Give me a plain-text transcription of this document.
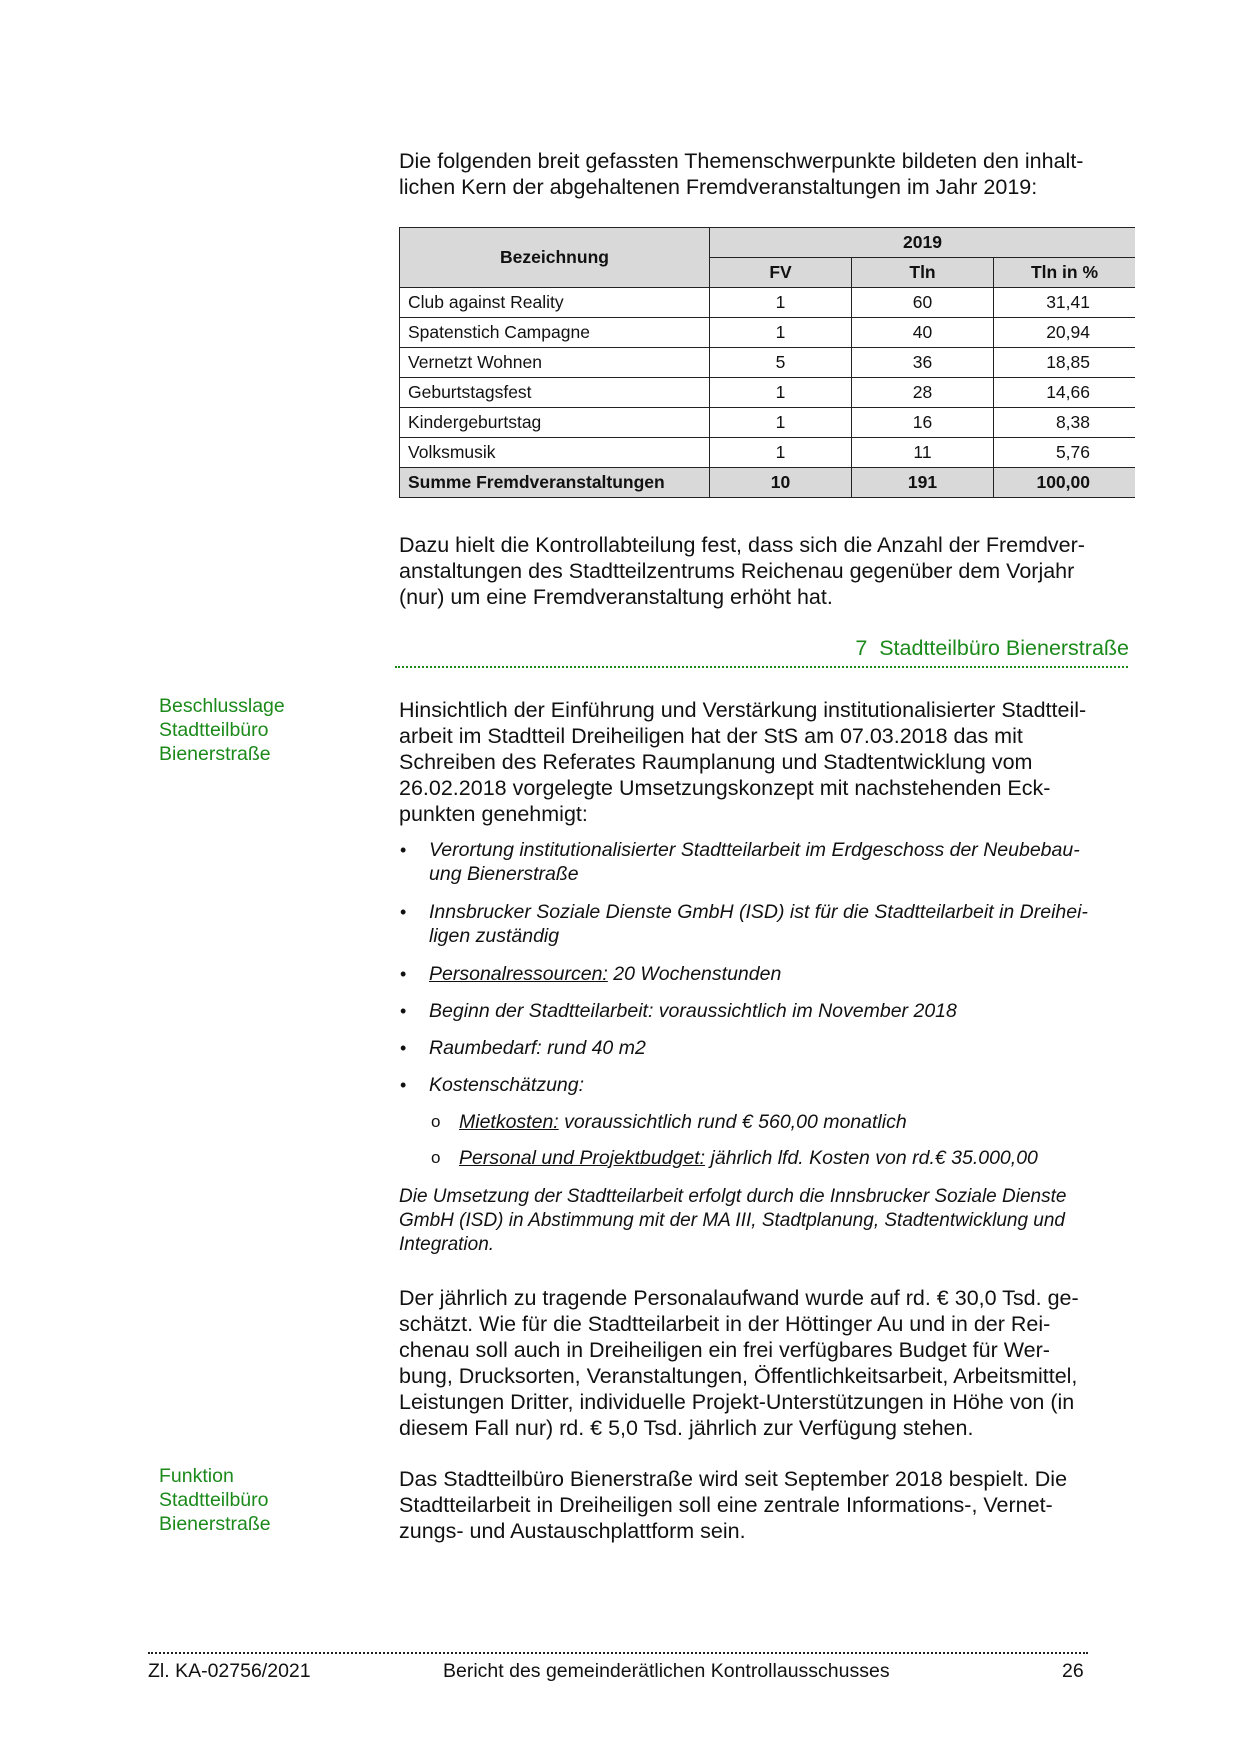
Die folgenden breit gefassten Themenschwerpunkte bildeten den inhalt-
lichen Kern der abgehaltenen Fremdveranstaltungen im Jahr 2019:
Bezeichnung	2019		
	FV	Tln	Tln in %
Club against Reality	1	60	31,41
Spatenstich Campagne	1	40	20,94
Vernetzt Wohnen	5	36	18,85
Geburtstagsfest	1	28	14,66
Kindergeburtstag	1	16	8,38
Volksmusik	1	11	5,76
Summe Fremdveranstaltungen	10	191	100,00
Dazu hielt die Kontrollabteilung fest, dass sich die Anzahl der Fremdver-
anstaltungen des Stadtteilzentrums Reichenau gegenüber dem Vorjahr
(nur) um eine Fremdveranstaltung erhöht hat.
7  Stadtteilbüro Bienerstraße
Beschlusslage
Stadtteilbüro
Bienerstraße
Hinsichtlich der Einführung und Verstärkung institutionalisierter Stadtteil-
arbeit im Stadtteil Dreiheiligen hat der StS am 07.03.2018 das mit
Schreiben des Referates Raumplanung und Stadtentwicklung vom
26.02.2018 vorgelegte Umsetzungskonzept mit nachstehenden Eck-
punkten genehmigt:
• Verortung institutionalisierter Stadtteilarbeit im Erdgeschoss der Neubebau-
ung Bienerstraße
• Innsbrucker Soziale Dienste GmbH (ISD) ist für die Stadtteilarbeit in Dreihei-
ligen zuständig
• Personalressourcen: 20 Wochenstunden
• Beginn der Stadtteilarbeit: voraussichtlich im November 2018
• Raumbedarf: rund 40 m2
• Kostenschätzung:
o Mietkosten: voraussichtlich rund € 560,00 monatlich
o Personal und Projektbudget: jährlich lfd. Kosten von rd.€ 35.000,00
Die Umsetzung der Stadtteilarbeit erfolgt durch die Innsbrucker Soziale Dienste
GmbH (ISD) in Abstimmung mit der MA III, Stadtplanung, Stadtentwicklung und
Integration.
Der jährlich zu tragende Personalaufwand wurde auf rd. € 30,0 Tsd. ge-
schätzt. Wie für die Stadtteilarbeit in der Höttinger Au und in der Rei-
chenau soll auch in Dreiheiligen ein frei verfügbares Budget für Wer-
bung, Drucksorten, Veranstaltungen, Öffentlichkeitsarbeit, Arbeitsmittel,
Leistungen Dritter, individuelle Projekt-Unterstützungen in Höhe von (in
diesem Fall nur) rd. € 5,0 Tsd. jährlich zur Verfügung stehen.
Funktion
Stadtteilbüro
Bienerstraße
Das Stadtteilbüro Bienerstraße wird seit September 2018 bespielt. Die
Stadtteilarbeit in Dreiheiligen soll eine zentrale Informations-, Vernet-
zungs- und Austauschplattform sein.
Zl. KA-02756/2021	Bericht des gemeinderätlichen Kontrollausschusses	26
